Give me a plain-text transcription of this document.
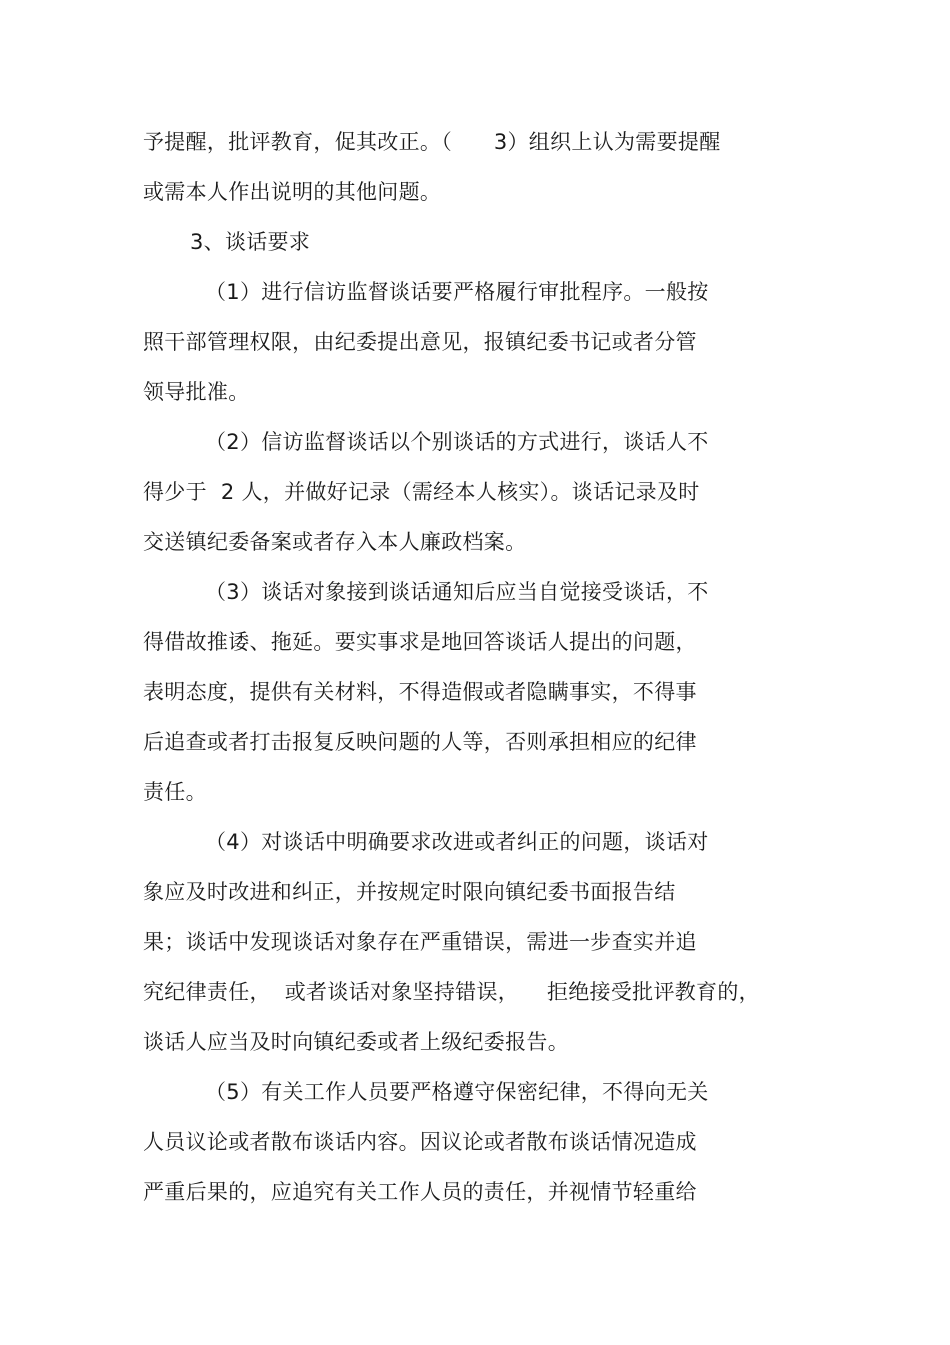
予提醒，批评教育，促其改正。（      3）组织上认为需要提醒
或需本人作出说明的其他问题。
3、谈话要求
（1）进行信访监督谈话要严格履行审批程序。一般按
照干部管理权限，由纪委提出意见，报镇纪委书记或者分管
领导批准。
（2）信访监督谈话以个别谈话的方式进行，谈话人不
得少于  2 人，并做好记录（需经本人核实）。谈话记录及时
交送镇纪委备案或者存入本人廉政档案。
（3）谈话对象接到谈话通知后应当自觉接受谈话，不
得借故推诿、拖延。要实事求是地回答谈话人提出的问题，
表明态度，提供有关材料，不得造假或者隐瞒事实，不得事
后追查或者打击报复反映问题的人等，否则承担相应的纪律
责任。
（4）对谈话中明确要求改进或者纠正的问题，谈话对
象应及时改进和纠正，并按规定时限向镇纪委书面报告结
果；谈话中发现谈话对象存在严重错误，需进一步查实并追
究纪律责任，  或者谈话对象坚持错误，    拒绝接受批评教育的，
谈话人应当及时向镇纪委或者上级纪委报告。
（5）有关工作人员要严格遵守保密纪律，不得向无关
人员议论或者散布谈话内容。因议论或者散布谈话情况造成
严重后果的，应追究有关工作人员的责任，并视情节轻重给
